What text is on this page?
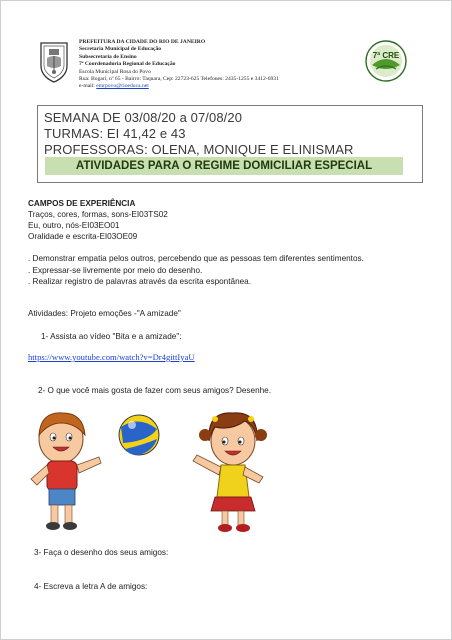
PREFEITURA DA CIDADE DO RIO DE JANEIRO
Secretaria Municipal de Educação
Subsecretaria de Ensino
7ª Coordenadoria Regional de Educação
Escola Municipal Rosa do Povo
Rua: Bogari, nº 65 - Bairro: Taquara, Cep: 22723-625 Telefones: 2435-1255 e 3412-6931
e-mail: emrpovo@rioeduca.net
7ª CRE
SEMANA DE 03/08/20 a 07/08/20
TURMAS: EI 41,42 e 43
PROFESSORAS: OLENA, MONIQUE E ELINISMAR
ATIVIDADES PARA O REGIME DOMICILIAR ESPECIAL
CAMPOS DE EXPERIÊNCIA
Traços, cores, formas, sons-EI03TS02
Eu, outro, nós-EI03EO01
Oralidade e escrita-EI03OE09
. Demonstrar empatia pelos outros, percebendo que as pessoas tem diferentes sentimentos.
. Expressar-se livremente por meio do desenho.
. Realizar registro de palavras através da escrita espontânea.
Atividades: Projeto emoções -"A amizade"
1- Assista ao vídeo "Bita e a amizade":
https://www.youtube.com/watch?v=Dr4gittIyaU
2- O que você mais gosta de fazer com seus amigos? Desenhe.
3- Faça o desenho dos seus amigos:
4- Escreva a letra A de amigos:
